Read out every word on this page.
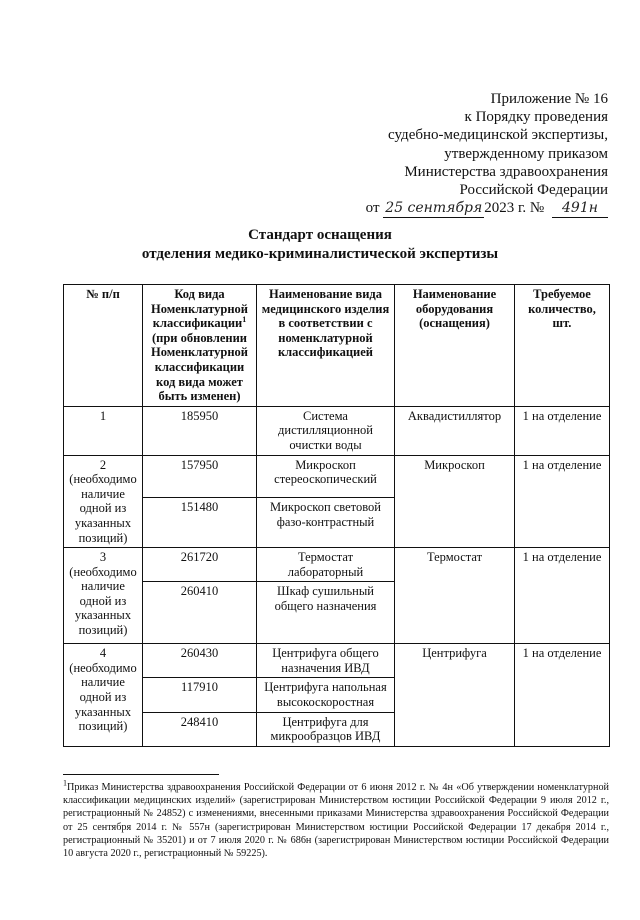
Приложение № 16
к Порядку проведения
судебно-медицинской экспертизы,
утвержденному приказом
Министерства здравоохранения
Российской Федерации
от 25 сентября 2023 г. № 491н
Стандарт оснащения
отделения медико-криминалистической экспертизы
№ п/п	Код вида Номенклатурной классификации$^1$ (при обновлении Номенклатурной классификации код вида может быть изменен)	Наименование вида медицинского изделия в соответствии с номенклатурной классификацией	Наименование оборудования (оснащения)	Требуемое количество, шт.
1	185950	Система дистилляционной очистки воды	Аквадистиллятор	1 на отделение
2 (необходимо наличие одной из указанных позиций)	157950	Микроскоп стереоскопический	Микроскоп	1 на отделение
	151480	Микроскоп световой фазо-контрастный		
3 (необходимо наличие одной из указанных позиций)	261720	Термостат лабораторный	Термостат	1 на отделение
	260410	Шкаф сушильный общего назначения		
4 (необходимо наличие одной из указанных позиций)	260430	Центрифуга общего назначения ИВД	Центрифуга	1 на отделение
	117910	Центрифуга напольная высокоскоростная		
	248410	Центрифуга для микрообразцов ИВД		
$^1$Приказ Министерства здравоохранения Российской Федерации от 6 июня 2012 г. № 4н «Об утверждении номенклатурной классификации медицинских изделий» (зарегистрирован Министерством юстиции Российской Федерации 9 июля 2012 г., регистрационный № 24852) с изменениями, внесенными приказами Министерства здравоохранения Российской Федерации от 25 сентября 2014 г. № 557н (зарегистрирован Министерством юстиции Российской Федерации 17 декабря 2014 г., регистрационный № 35201) и от 7 июля 2020 г. № 686н (зарегистрирован Министерством юстиции Российской Федерации 10 августа 2020 г., регистрационный № 59225).
